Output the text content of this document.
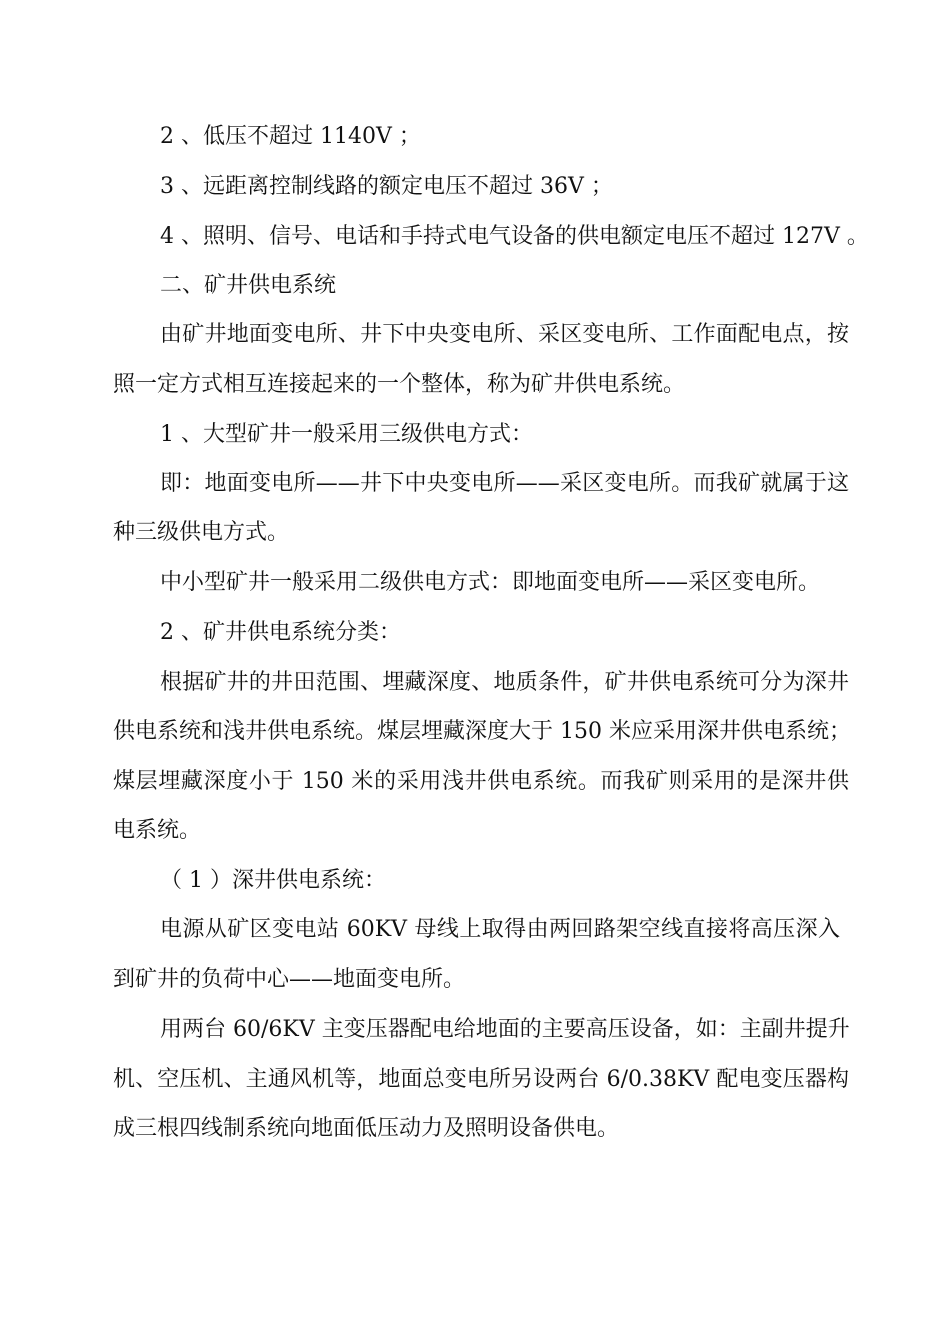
2 、低压不超过 1140V ；
3 、远距离控制线路的额定电压不超过 36V ；
4 、照明、信号、电话和手持式电气设备的供电额定电压不超过 127V 。
二、矿井供电系统
由矿井地面变电所、井下中央变电所、采区变电所、工作面配电点，按
照一定方式相互连接起来的一个整体，称为矿井供电系统。
1 、大型矿井一般采用三级供电方式：
即：地面变电所——井下中央变电所——采区变电所。而我矿就属于这
种三级供电方式。
中小型矿井一般采用二级供电方式：即地面变电所——采区变电所。
2 、矿井供电系统分类：
根据矿井的井田范围、埋藏深度、地质条件，矿井供电系统可分为深井
供电系统和浅井供电系统。煤层埋藏深度大于 150 米应采用深井供电系统；
煤层埋藏深度小于 150 米的采用浅井供电系统。而我矿则采用的是深井供
电系统。
（ 1 ）深井供电系统：
电源从矿区变电站 60KV 母线上取得由两回路架空线直接将高压深入
到矿井的负荷中心——地面变电所。
用两台 60/6KV 主变压器配电给地面的主要高压设备，如：主副井提升
机、空压机、主通风机等，地面总变电所另设两台 6/0.38KV 配电变压器构
成三根四线制系统向地面低压动力及照明设备供电。
